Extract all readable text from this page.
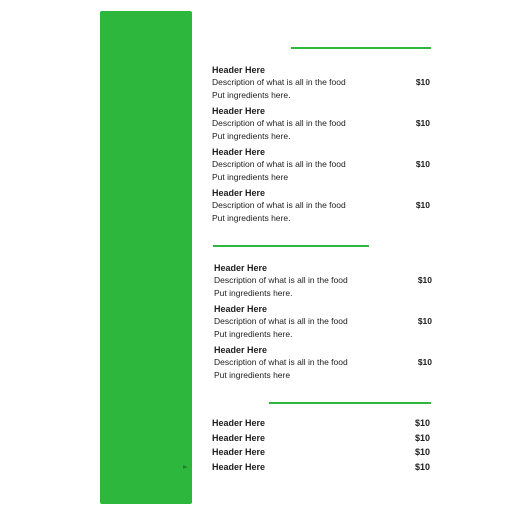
Header Here
Description of what is all in the food	$10
Put ingredients here.
Header Here
Description of what is all in the food	$10
Put ingredients here.
Header Here
Description of what is all in the food	$10
Put ingredients here
Header Here
Description of what is all in the food	$10
Put ingredients here.
Header Here
Description of what is all in the food	$10
Put ingredients here.
Header Here
Description of what is all in the food	$10
Put ingredients here.
Header Here
Description of what is all in the food	$10
Put ingredients here
Header Here	$10
Header Here	$10
Header Here	$10
Header Here	$10
